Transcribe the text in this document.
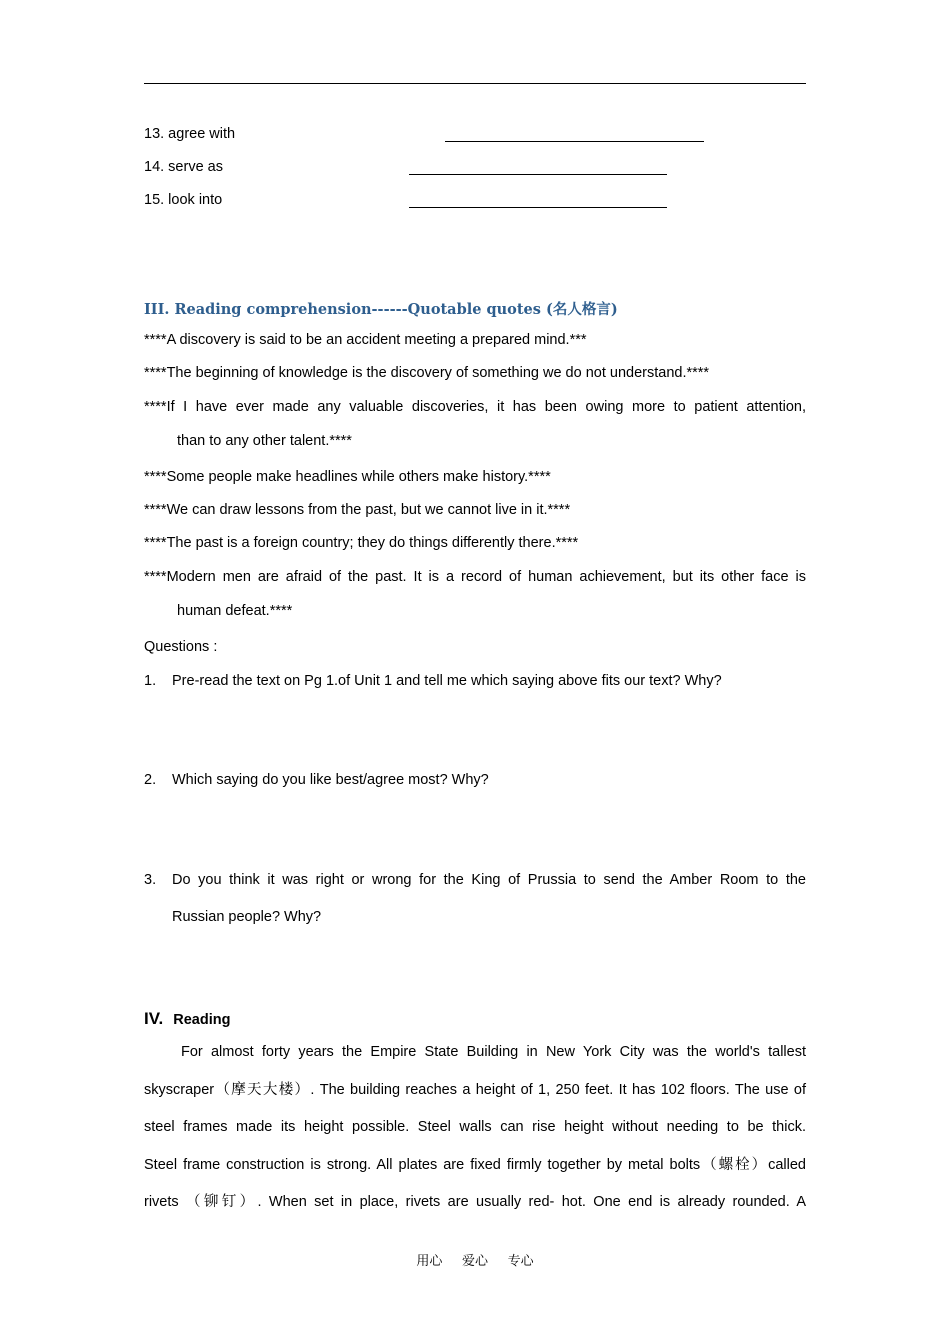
13. agree with
14. serve as
15. look into
III. Reading comprehension------Quotable quotes (名人格言)
****A discovery is said to be an accident meeting a prepared mind.***
****The beginning of knowledge is the discovery of something we do not understand.****
****If I have ever made any valuable discoveries, it has been owing more to patient attention,
than to any other talent.****
****Some people make headlines while others make history.****
****We can draw lessons from the past, but we cannot live in it.****
****The past is a foreign country; they do things differently there.****
****Modern men are afraid of the past. It is a record of human achievement, but its other face is
human defeat.****
Questions :
1. Pre-read the text on Pg 1.of Unit 1 and tell me which saying above fits our text? Why?
2. Which saying do you like best/agree most? Why?
3. Do you think it was right or wrong for the King of Prussia to send the Amber Room to the
Russian people? Why?
IV. Reading
For almost forty years the Empire State Building in New York City was the world's tallest
skyscraper（摩天大楼）. The building reaches a height of 1, 250 feet. It has 102 floors. The use of
steel frames made its height possible. Steel walls can rise height without needing to be thick.
Steel frame construction is strong. All plates are fixed firmly together by metal bolts（螺栓）called
rivets （铆钉）. When set in place, rivets are usually red- hot. One end is already rounded. A
用心 爱心 专心
